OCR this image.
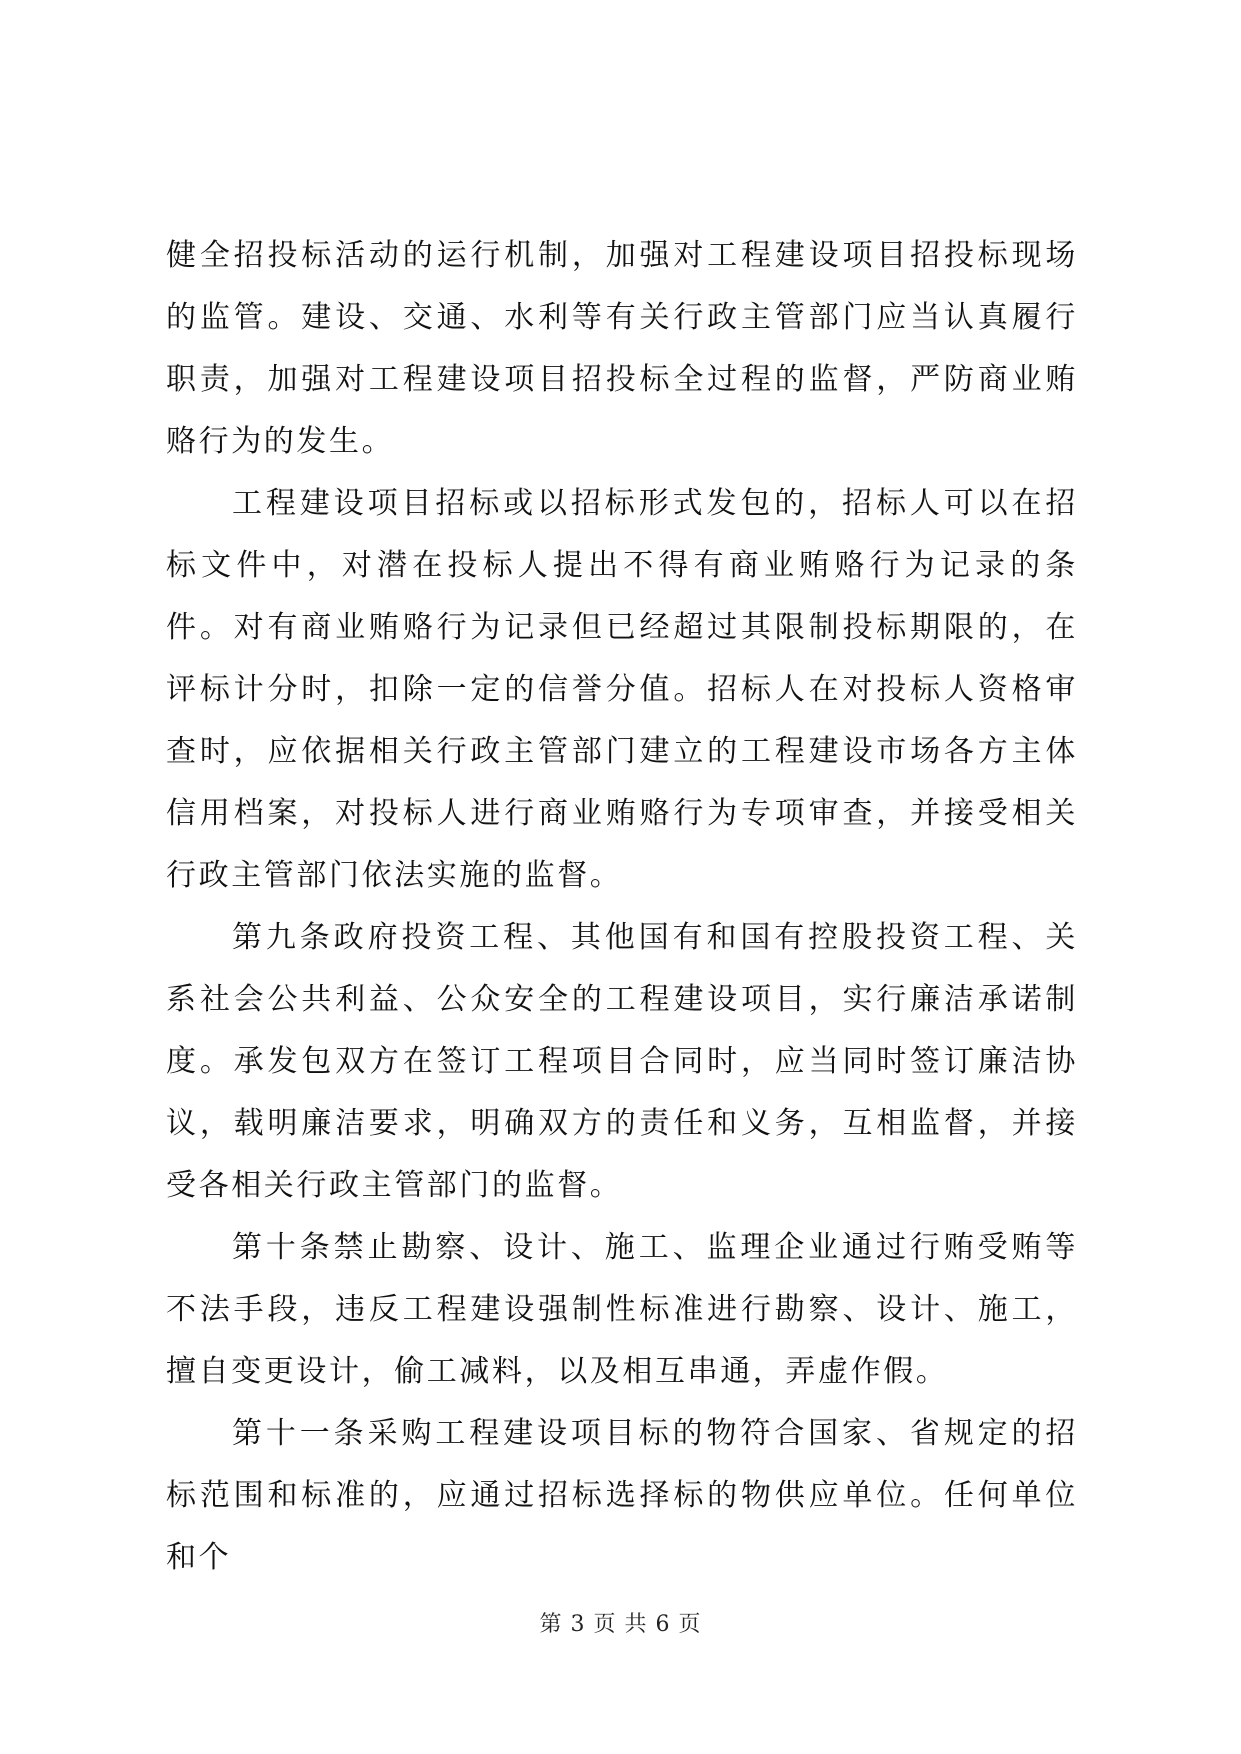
健全招投标活动的运行机制，加强对工程建设项目招投标现场的监管。建设、交通、水利等有关行政主管部门应当认真履行职责，加强对工程建设项目招投标全过程的监督，严防商业贿赂行为的发生。

工程建设项目招标或以招标形式发包的，招标人可以在招标文件中，对潜在投标人提出不得有商业贿赂行为记录的条件。对有商业贿赂行为记录但已经超过其限制投标期限的，在评标计分时，扣除一定的信誉分值。招标人在对投标人资格审查时，应依据相关行政主管部门建立的工程建设市场各方主体信用档案，对投标人进行商业贿赂行为专项审查，并接受相关行政主管部门依法实施的监督。

第九条政府投资工程、其他国有和国有控股投资工程、关系社会公共利益、公众安全的工程建设项目，实行廉洁承诺制度。承发包双方在签订工程项目合同时，应当同时签订廉洁协议，载明廉洁要求，明确双方的责任和义务，互相监督，并接受各相关行政主管部门的监督。

第十条禁止勘察、设计、施工、监理企业通过行贿受贿等不法手段，违反工程建设强制性标准进行勘察、设计、施工，擅自变更设计，偷工减料，以及相互串通，弄虚作假。

第十一条采购工程建设项目标的物符合国家、省规定的招标范围和标准的，应通过招标选择标的物供应单位。任何单位和个

第 3 页 共 6 页
